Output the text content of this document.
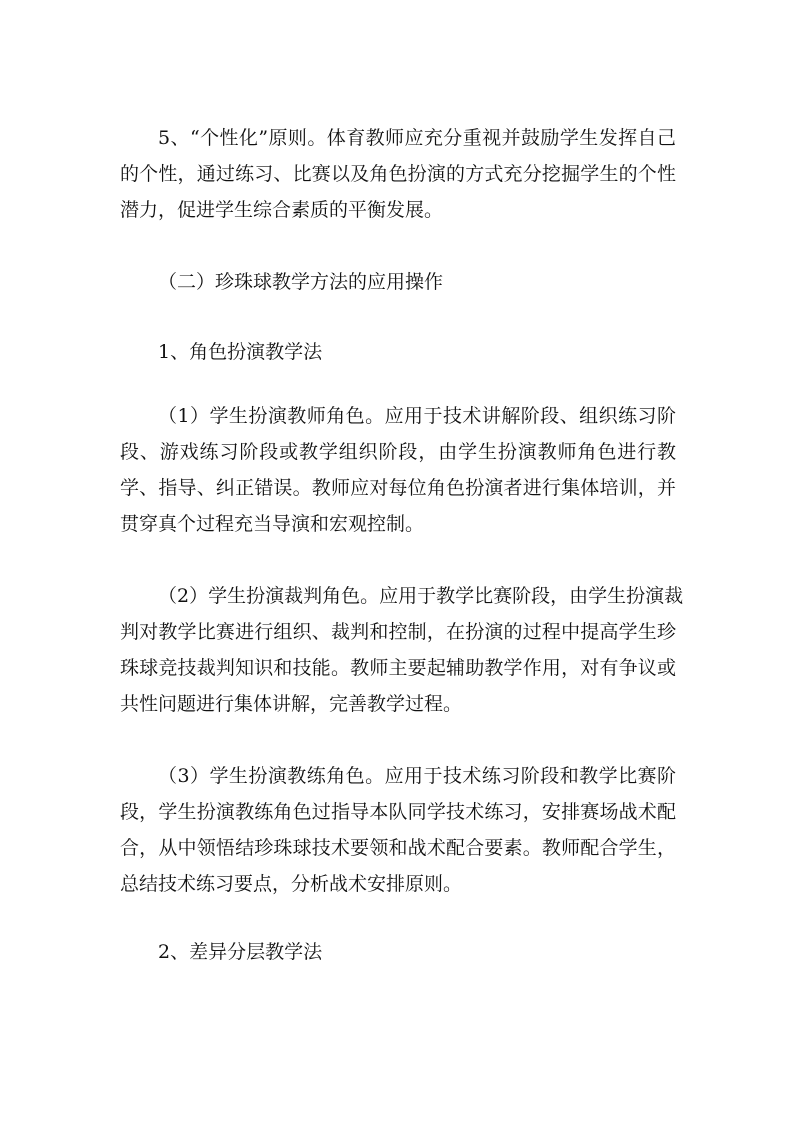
5、“个性化”原则。体育教师应充分重视并鼓励学生发挥自己
的个性，通过练习、比赛以及角色扮演的方式充分挖掘学生的个性
潜力，促进学生综合素质的平衡发展。
（二）珍珠球教学方法的应用操作
1、角色扮演教学法
（1）学生扮演教师角色。应用于技术讲解阶段、组织练习阶
段、游戏练习阶段或教学组织阶段，由学生扮演教师角色进行教
学、指导、纠正错误。教师应对每位角色扮演者进行集体培训，并
贯穿真个过程充当导演和宏观控制。
（2）学生扮演裁判角色。应用于教学比赛阶段，由学生扮演裁
判对教学比赛进行组织、裁判和控制，在扮演的过程中提高学生珍
珠球竞技裁判知识和技能。教师主要起辅助教学作用，对有争议或
共性问题进行集体讲解，完善教学过程。
（3）学生扮演教练角色。应用于技术练习阶段和教学比赛阶
段，学生扮演教练角色过指导本队同学技术练习，安排赛场战术配
合，从中领悟结珍珠球技术要领和战术配合要素。教师配合学生，
总结技术练习要点，分析战术安排原则。
2、差异分层教学法
